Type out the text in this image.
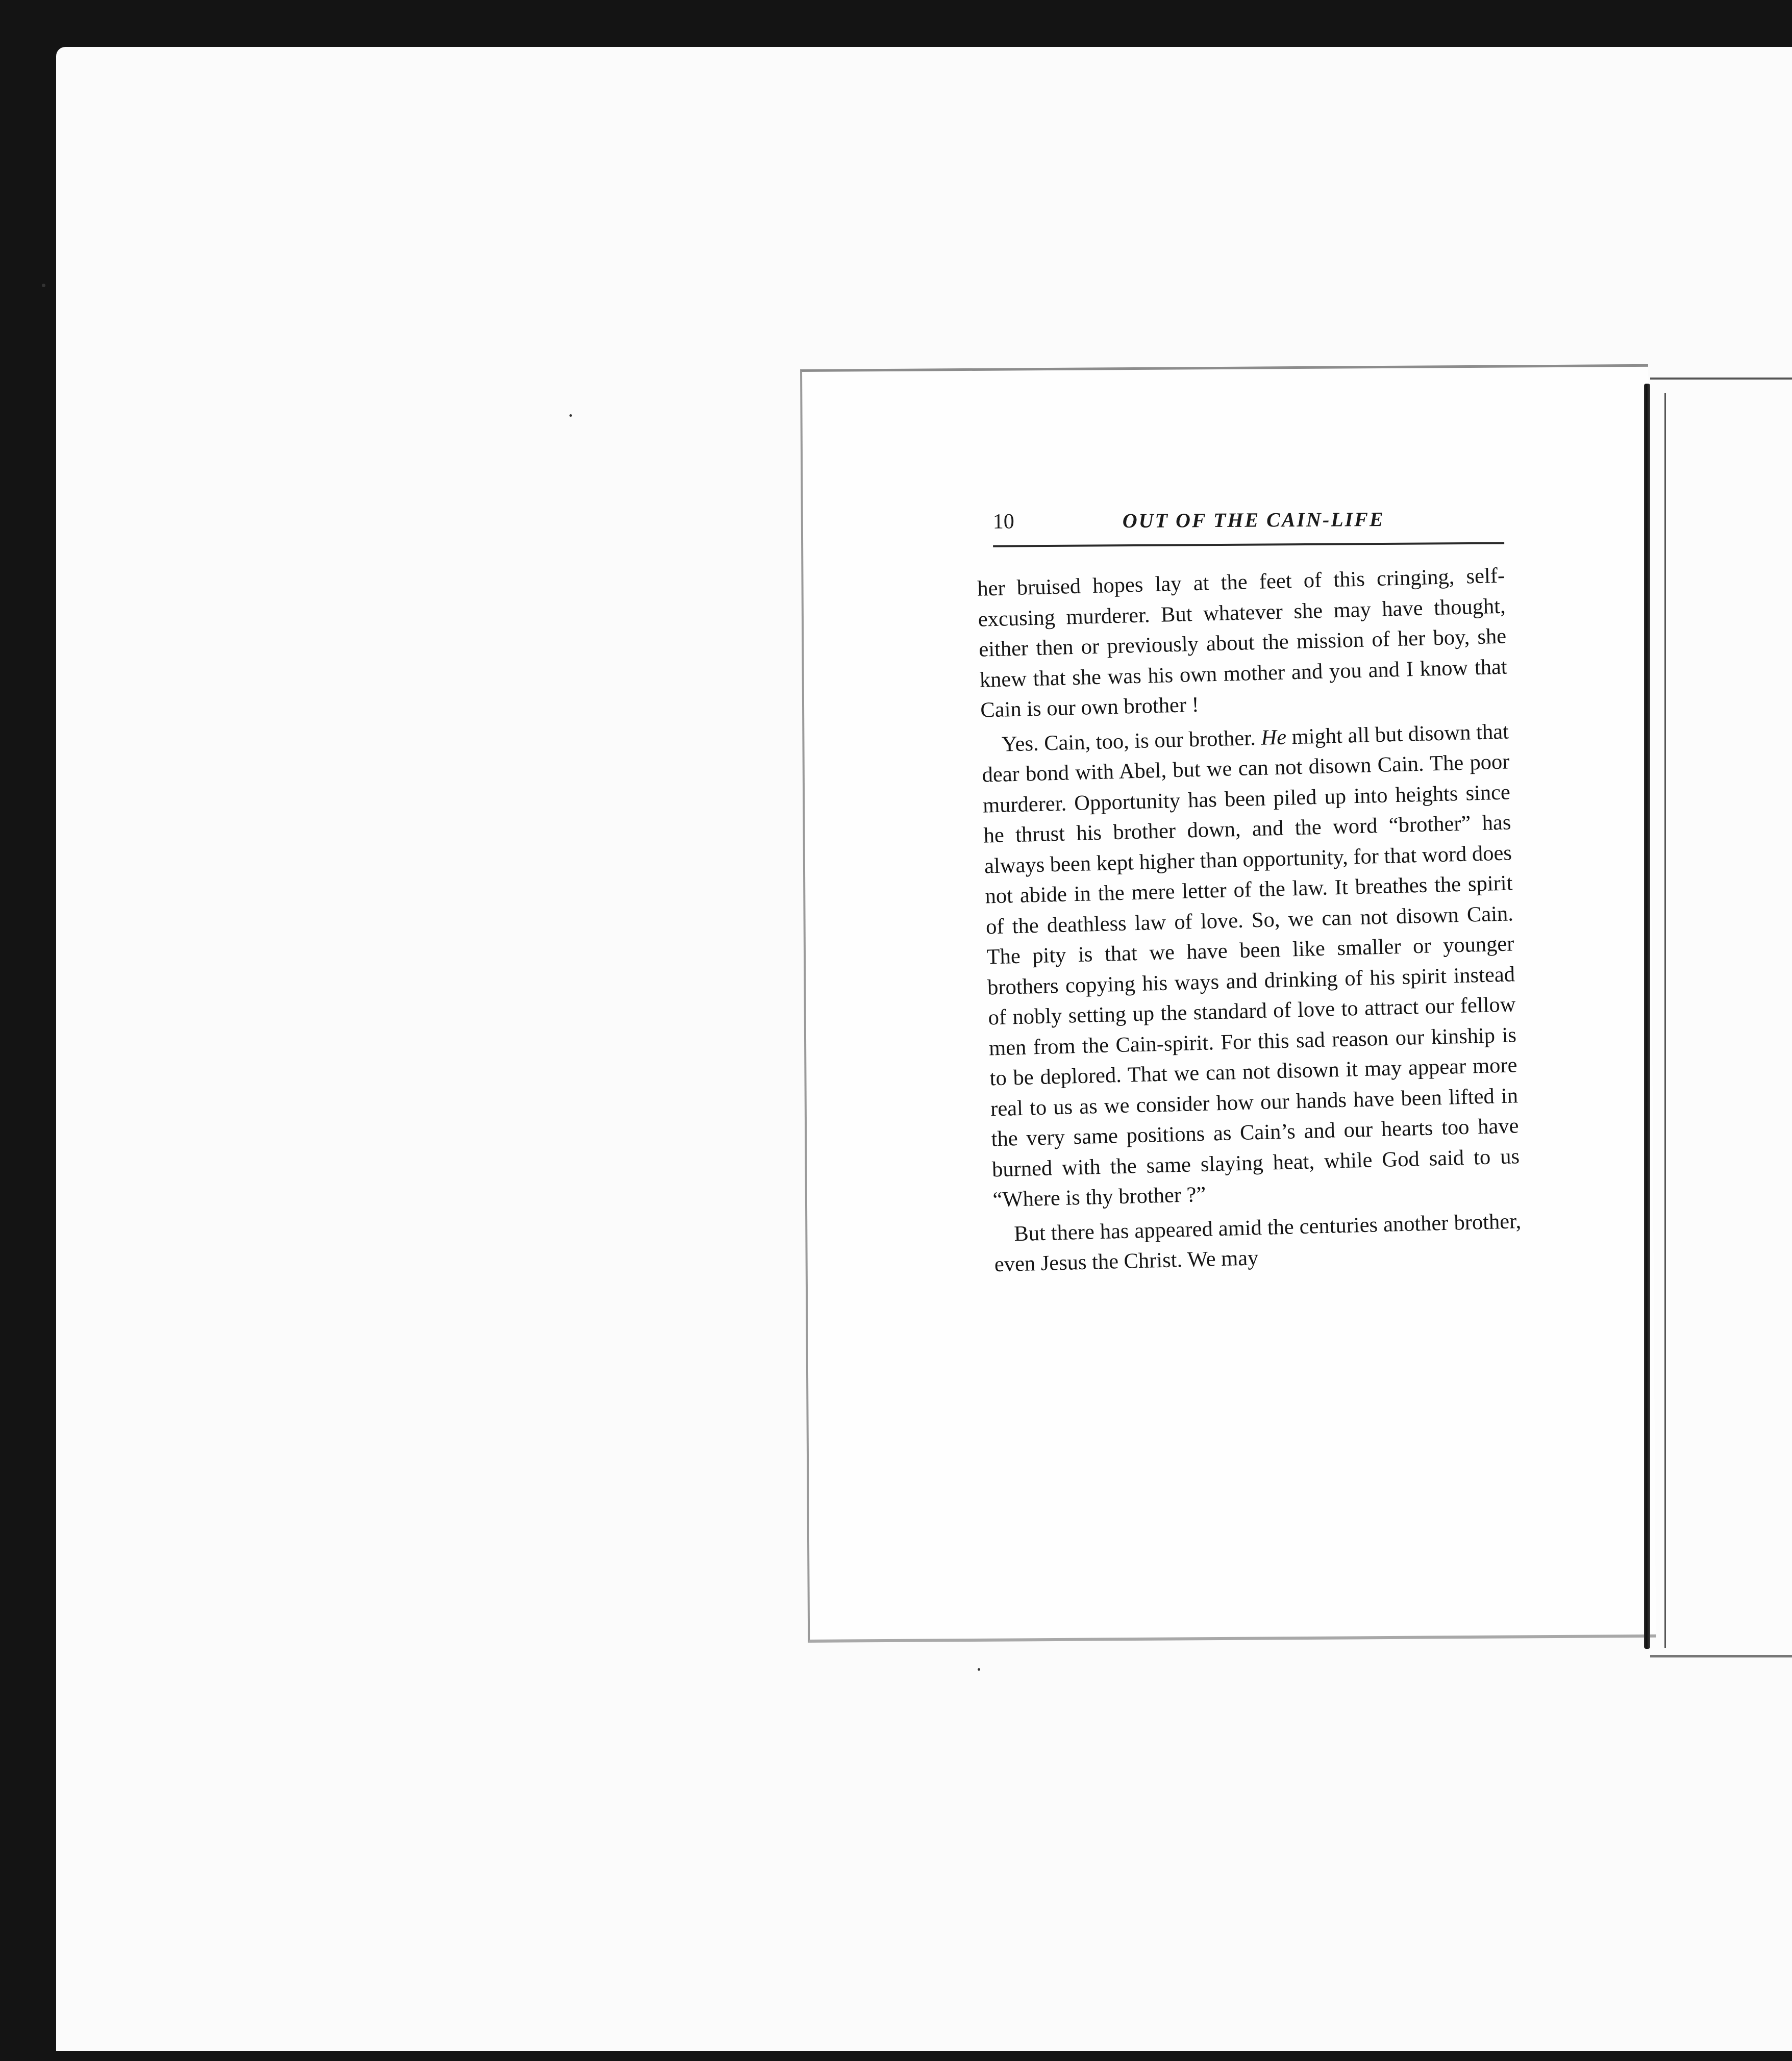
10	OUT OF THE CAIN-LIFE

her bruised hopes lay at the feet of this cringing, self-excusing murderer. But whatever she may have thought, either then or previously about the mission of her boy, she knew that she was his own mother and you and I know that Cain is our own brother !

Yes. Cain, too, is our brother. He might all but disown that dear bond with Abel, but we can not disown Cain. The poor murderer. Opportunity has been piled up into heights since he thrust his brother down, and the word “brother” has always been kept higher than opportunity, for that word does not abide in the mere letter of the law. It breathes the spirit of the deathless law of love. So, we can not disown Cain. The pity is that we have been like smaller or younger brothers copying his ways and drinking of his spirit instead of nobly setting up the standard of love to attract our fellow men from the Cain-spirit. For this sad reason our kinship is to be deplored. That we can not disown it may appear more real to us as we consider how our hands have been lifted in the very same positions as Cain’s and our hearts too have burned with the same slaying heat, while God said to us “Where is thy brother ?”

But there has appeared amid the centuries another brother, even Jesus the Christ. We may
